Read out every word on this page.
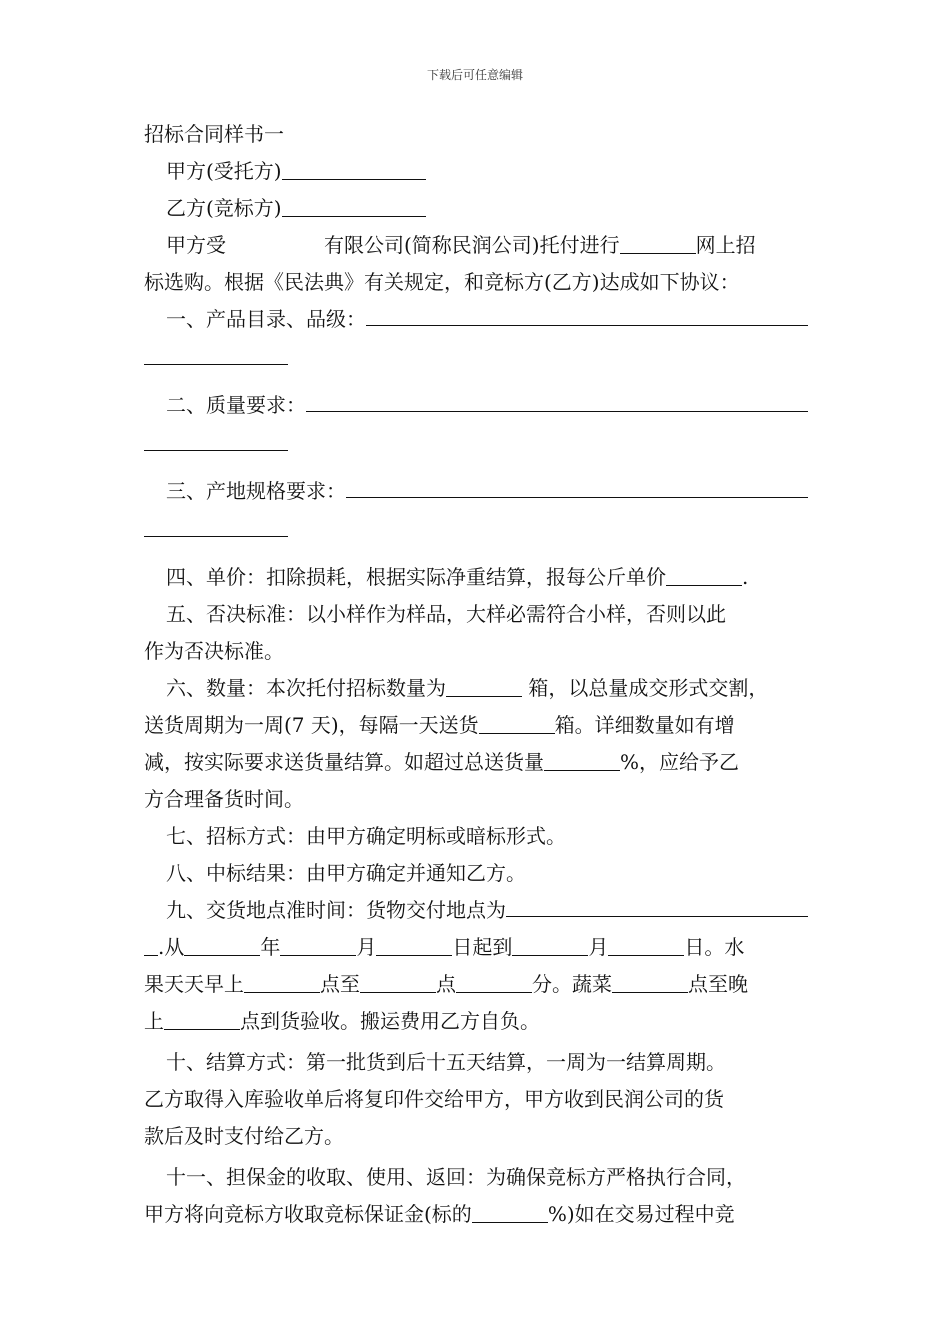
下载后可任意编辑
招标合同样书一
甲方(受托方)
乙方(竞标方)
甲方受	有限公司(简称民润公司)托付进行	网上招
标选购。根据《民法典》有关规定，和竞标方(乙方)达成如下协议：
一、产品目录、品级：
二、质量要求：
三、产地规格要求：
四、单价：扣除损耗，根据实际净重结算，报每公斤单价	.
五、否决标准：以小样作为样品，大样必需符合小样，否则以此
作为否决标准。
六、数量：本次托付招标数量为	箱，以总量成交形式交割，
送货周期为一周(7 天)，每隔一天送货	箱。详细数量如有增
减，按实际要求送货量结算。如超过总送货量	%，应给予乙
方合理备货时间。
七、招标方式：由甲方确定明标或暗标形式。
八、中标结果：由甲方确定并通知乙方。
九、交货地点准时间：货物交付地点为
.从	年	月	日起到	月	日。水
果天天早上	点至	点	分。蔬菜	点至晚
上	点到货验收。搬运费用乙方自负。
十、结算方式：第一批货到后十五天结算，一周为一结算周期。
乙方取得入库验收单后将复印件交给甲方，甲方收到民润公司的货
款后及时支付给乙方。
十一、担保金的收取、使用、返回：为确保竞标方严格执行合同，
甲方将向竞标方收取竞标保证金(标的	%)如在交易过程中竞
